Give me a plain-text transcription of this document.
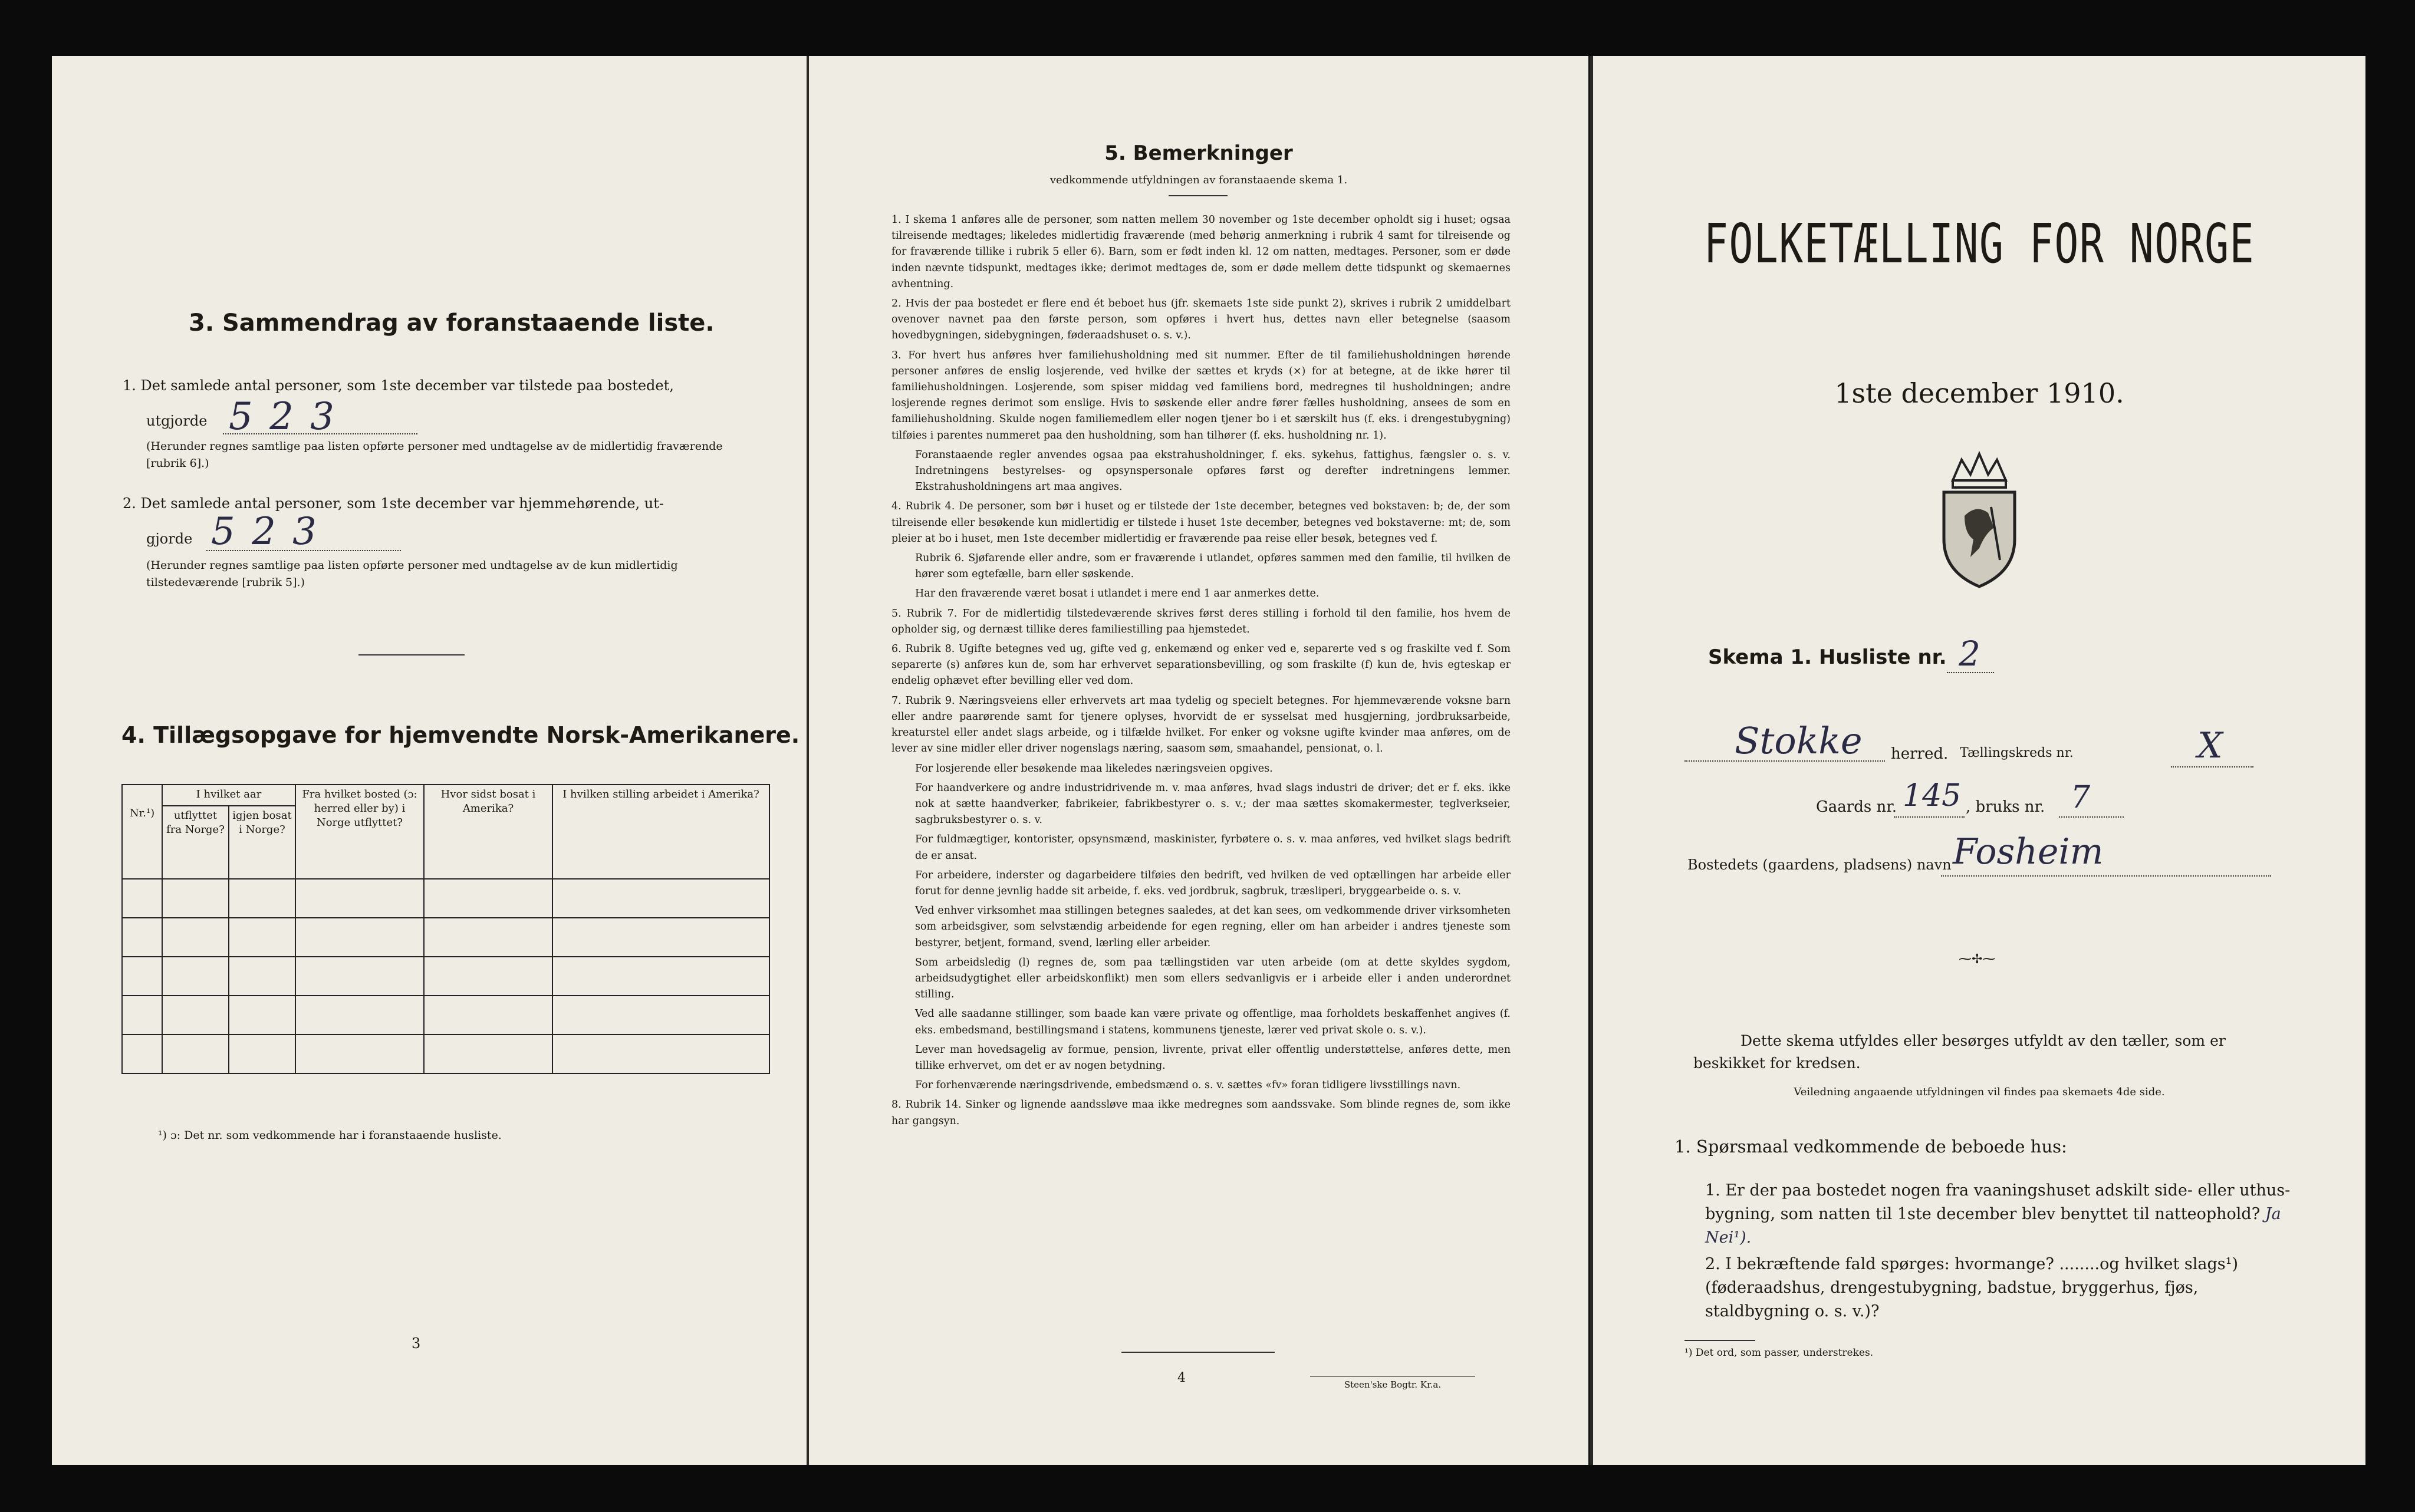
3. Sammendrag av foranstaaende liste.
1. Det samlede antal personer, som 1ste december var tilstede paa bostedet,
utgjorde 5 2 3
(Herunder regnes samtlige paa listen opførte personer med undtagelse av de midlertidig fraværende [rubrik 6].)
2. Det samlede antal personer, som 1ste december var hjemmehørende, ut-
gjorde 5 2 3
(Herunder regnes samtlige paa listen opførte personer med undtagelse av de kun midlertidig tilstedeværende [rubrik 5].)
4. Tillægsopgave for hjemvendte Norsk-Amerikanere.
Nr.¹)	I hvilket aar		Fra hvilket bosted (ɔ: herred eller by) i Norge utflyttet?	Hvor sidst bosat i Amerika?	I hvilken stilling arbeidet i Amerika?
	utflyttet fra Norge?	igjen bosat i Norge?			

¹) ɔ: Det nr. som vedkommende har i foranstaaende husliste.
3
5. Bemerkninger
vedkommende utfyldningen av foranstaaende skema 1.
1. I skema 1 anføres alle de personer, som natten mellem 30 november og 1ste december opholdt sig i huset; ogsaa tilreisende medtages; likeledes midlertidig fraværende (med behørig anmerkning i rubrik 4 samt for tilreisende og for fraværende tillike i rubrik 5 eller 6). Barn, som er født inden kl. 12 om natten, medtages. Personer, som er døde inden nævnte tidspunkt, medtages ikke; derimot medtages de, som er døde mellem dette tidspunkt og skemaernes avhentning.
2. Hvis der paa bostedet er flere end ét beboet hus (jfr. skemaets 1ste side punkt 2), skrives i rubrik 2 umiddelbart ovenover navnet paa den første person, som opføres i hvert hus, dettes navn eller betegnelse (saasom hovedbygningen, sidebygningen, føderaadshuset o. s. v.).
3. For hvert hus anføres hver familiehusholdning med sit nummer. Efter de til familiehusholdningen hørende personer anføres de enslig losjerende, ved hvilke der sættes et kryds (×) for at betegne, at de ikke hører til familiehusholdningen. Losjerende, som spiser middag ved familiens bord, medregnes til husholdningen; andre losjerende regnes derimot som enslige. Hvis to søskende eller andre fører fælles husholdning, ansees de som en familiehusholdning. Skulde nogen familiemedlem eller nogen tjener bo i et særskilt hus (f. eks. i drengestubygning) tilføies i parentes nummeret paa den husholdning, som han tilhører (f. eks. husholdning nr. 1).
Foranstaaende regler anvendes ogsaa paa ekstrahusholdninger, f. eks. sykehus, fattighus, fængsler o. s. v. Indretningens bestyrelses- og opsynspersonale opføres først og derefter indretningens lemmer. Ekstrahusholdningens art maa angives.
4. Rubrik 4. De personer, som bør i huset og er tilstede der 1ste december, betegnes ved bokstaven: b; de, der som tilreisende eller besøkende kun midlertidig er tilstede i huset 1ste december, betegnes ved bokstaverne: mt; de, som pleier at bo i huset, men 1ste december midlertidig er fraværende paa reise eller besøk, betegnes ved f.
Rubrik 6. Sjøfarende eller andre, som er fraværende i utlandet, opføres sammen med den familie, til hvilken de hører som egtefælle, barn eller søskende.
Har den fraværende været bosat i utlandet i mere end 1 aar anmerkes dette.
5. Rubrik 7. For de midlertidig tilstedeværende skrives først deres stilling i forhold til den familie, hos hvem de opholder sig, og dernæst tillike deres familiestilling paa hjemstedet.
6. Rubrik 8. Ugifte betegnes ved ug, gifte ved g, enkemænd og enker ved e, separerte ved s og fraskilte ved f. Som separerte (s) anføres kun de, som har erhvervet separationsbevilling, og som fraskilte (f) kun de, hvis egteskap er endelig ophævet efter bevilling eller ved dom.
7. Rubrik 9. Næringsveiens eller erhvervets art maa tydelig og specielt betegnes. For hjemmeværende voksne barn eller andre paarørende samt for tjenere oplyses, hvorvidt de er sysselsat med husgjerning, jordbruksarbeide, kreaturstel eller andet slags arbeide, og i tilfælde hvilket. For enker og voksne ugifte kvinder maa anføres, om de lever av sine midler eller driver nogenslags næring, saasom søm, smaahandel, pensionat, o. l.
For losjerende eller besøkende maa likeledes næringsveien opgives.
For haandverkere og andre industridrivende m. v. maa anføres, hvad slags industri de driver; det er f. eks. ikke nok at sætte haandverker, fabrikeier, fabrikbestyrer o. s. v.; der maa sættes skomakermester, teglverkseier, sagbruksbestyrer o. s. v.
For fuldmægtiger, kontorister, opsynsmænd, maskinister, fyrbøtere o. s. v. maa anføres, ved hvilket slags bedrift de er ansat.
For arbeidere, inderster og dagarbeidere tilføies den bedrift, ved hvilken de ved optællingen har arbeide eller forut for denne jevnlig hadde sit arbeide, f. eks. ved jordbruk, sagbruk, træsliperi, bryggearbeide o. s. v.
Ved enhver virksomhet maa stillingen betegnes saaledes, at det kan sees, om vedkommende driver virksomheten som arbeidsgiver, som selvstændig arbeidende for egen regning, eller om han arbeider i andres tjeneste som bestyrer, betjent, formand, svend, lærling eller arbeider.
Som arbeidsledig (l) regnes de, som paa tællingstiden var uten arbeide (om at dette skyldes sygdom, arbeidsudygtighet eller arbeidskonflikt) men som ellers sedvanligvis er i arbeide eller i anden underordnet stilling.
Ved alle saadanne stillinger, som baade kan være private og offentlige, maa forholdets beskaffenhet angives (f. eks. embedsmand, bestillingsmand i statens, kommunens tjeneste, lærer ved privat skole o. s. v.).
Lever man hovedsagelig av formue, pension, livrente, privat eller offentlig understøttelse, anføres dette, men tillike erhvervet, om det er av nogen betydning.
For forhenværende næringsdrivende, embedsmænd o. s. v. sættes «fv» foran tidligere livsstillings navn.
8. Rubrik 14. Sinker og lignende aandssløve maa ikke medregnes som aandssvake. Som blinde regnes de, som ikke har gangsyn.
4	Steen'ske Bogtr. Kr.a.
FOLKETÆLLING FOR NORGE
1ste december 1910.
Skema 1. Husliste nr. 2
Stokke herred. Tællingskreds nr.	X
Gaards nr. 145 , bruks nr. 7
Bostedets (gaardens, pladsens) navn Fosheim
⁓✢⁓
Dette skema utfyldes eller besørges utfyldt av den tæller, som er beskikket for kredsen.
Veiledning angaaende utfyldningen vil findes paa skemaets 4de side.
1. Spørsmaal vedkommende de beboede hus:
1. Er der paa bostedet nogen fra vaaningshuset adskilt side- eller uthus-bygning, som natten til 1ste december blev benyttet til natteophold? Ja Nei¹).
2. I bekræftende fald spørges: hvormange? ........og hvilket slags¹) (føderaadshus, drengestubygning, badstue, bryggerhus, fjøs, staldbygning o. s. v.)?
¹) Det ord, som passer, understrekes.
